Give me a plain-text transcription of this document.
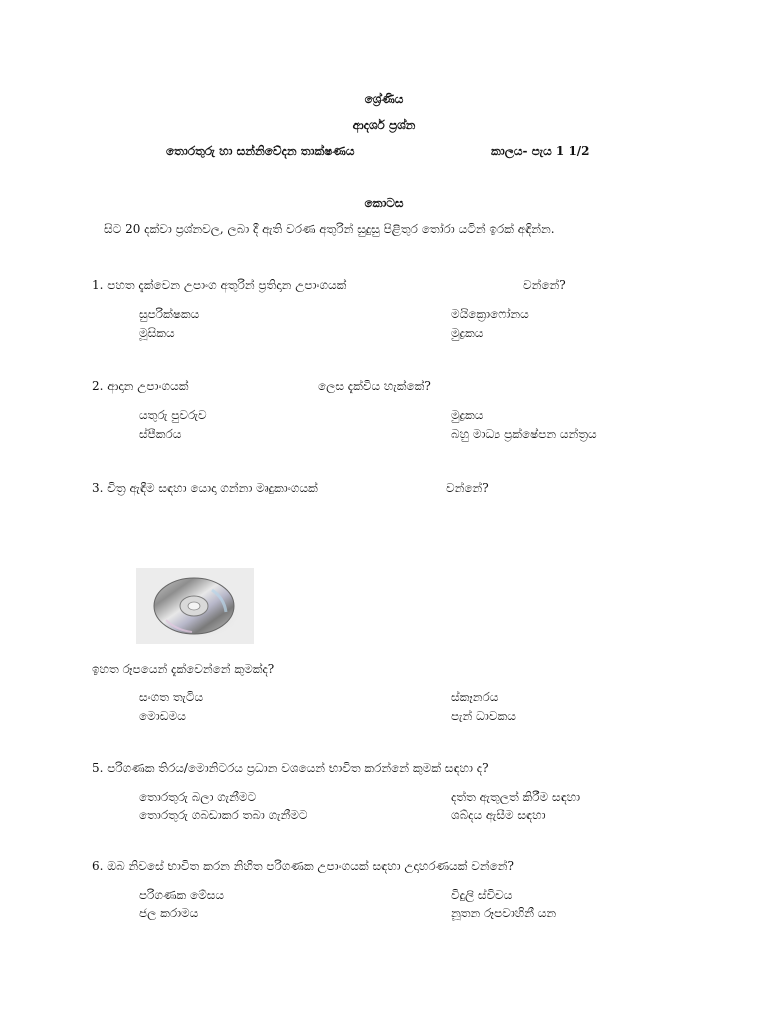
ශ්‍රේණිය
ආදර්ශ ප්‍රශ්න
තොරතුරු හා සන්නිවේදන තාක්ෂණය	කාලය- පැය 1 1/2
කොටස
සිට 20 දක්වා ප්‍රශ්නවල, ලබා දී ඇති වරණ අතුරින් සුදුසු පිළිතුර තෝරා යටින් ඉරක් අඳින්න.
1. පහත දැක්වෙන උපාංග අතුරින් ප්‍රතිදාන උපාංගයක්	වන්නේ?
සුපරික්ෂකය	මයික්‍රොෆෝනය
මූසිකය	මුද්‍රකය
2. ආදාන උපාංගයක්	ලෙස දැක්විය හැක්කේ?
යතුරු පුවරුව	මුද්‍රකය
ස්පීකරය	බහු මාධ්‍ය ප්‍රක්ෂේපන යන්ත්‍රය
3. චිත්‍ර ඇඳීම සඳහා යොදා ගන්නා මෘදුකාංගයක්	වන්නේ?
ඉහත රූපයෙන් දැක්වෙන්නේ කුමක්ද?
සංගත තැටිය	ස්කෑනරය
මොඩමය	පැන් ධාවකය
5. පරිගණක තිරය/මොනිටරය ප්‍රධාන වශයෙන් භාවිත කරන්නේ කුමක් සඳහා ද?
තොරතුරු බලා ගැනීමට	දත්ත ඇතුලත් කිරීම සඳහා
තොරතුරු ගබඩාකර තබා ගැනීමට	ශබ්දය ඇසීම සඳහා
6. ඔබ නිවසේ භාවිත කරන නිහිත පරිගණක උපාංගයක් සඳහා උදාහරණයක් වන්නේ?
පරිගණක මේසය	විදුලි ස්විචය
ජල කරාමය	නූතන රූපවාහිනී යන
